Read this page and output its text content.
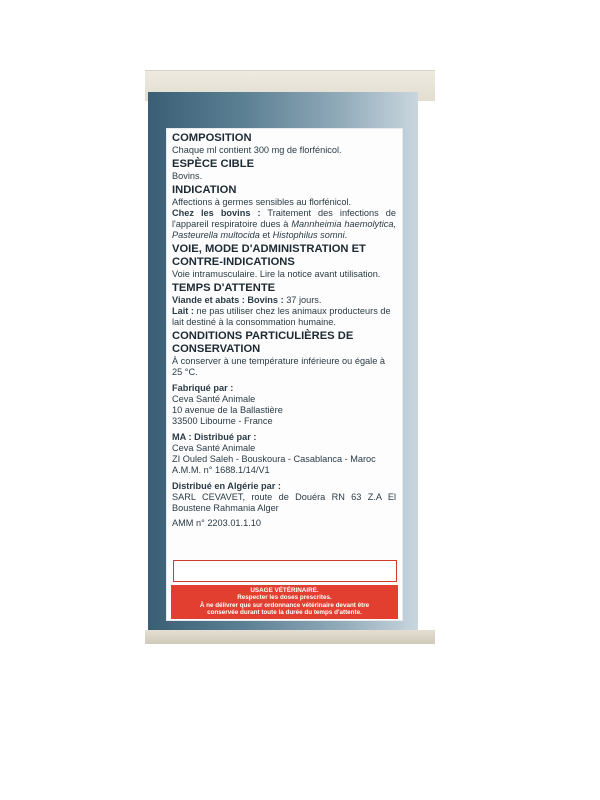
COMPOSITION

Chaque ml contient 300 mg de florfénicol.

ESPÈCE CIBLE

Bovins.

INDICATION

Affections à germes sensibles au florfénicol.

Chez les bovins : Traitement des infections de l'appareil respiratoire dues à Mannheimia haemolytica, Pasteurella multocida et Histophilus somni.

VOIE, MODE D'ADMINISTRATION ET CONTRE-INDICATIONS

Voie intramusculaire. Lire la notice avant utilisation.

TEMPS D'ATTENTE

Viande et abats : Bovins : 37 jours.

Lait : ne pas utiliser chez les animaux producteurs de lait destiné à la consommation humaine.

CONDITIONS PARTICULIÈRES DE CONSERVATION

À conserver à une température inférieure ou égale à 25 °C.

Fabriqué par :

Ceva Santé Animale

10 avenue de la Ballastière

33500 Libourne - France

MA : Distribué par :

Ceva Santé Animale

ZI Ouled Saleh - Bouskoura - Casablanca - Maroc

A.M.M. n° 1688.1/14/V1

Distribué en Algérie par :

SARL CEVAVET, route de Douéra RN 63 Z.A El Boustene Rahmania Alger

AMM n° 2203.01.1.10

USAGE VÉTÉRINAIRE.
Respecter les doses prescrites.
À ne délivrer que sur ordonnance vétérinaire devant être
conservée durant toute la durée du temps d'attente.
